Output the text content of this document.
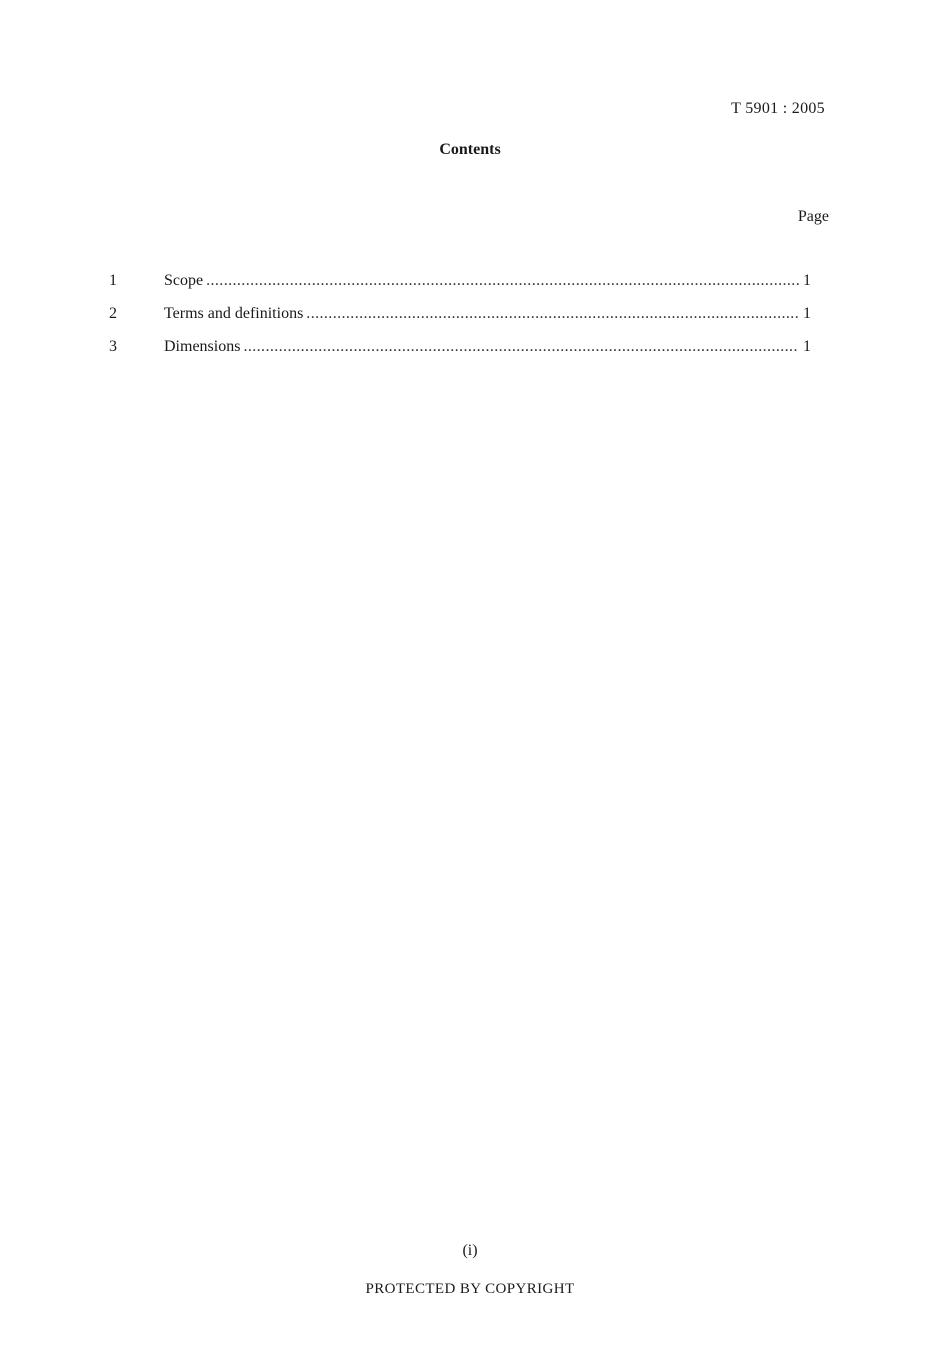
T 5901 : 2005
Contents
Page
1	Scope .....	1
2	Terms and definitions .....	1
3	Dimensions .....	1
(i)
PROTECTED BY COPYRIGHT
